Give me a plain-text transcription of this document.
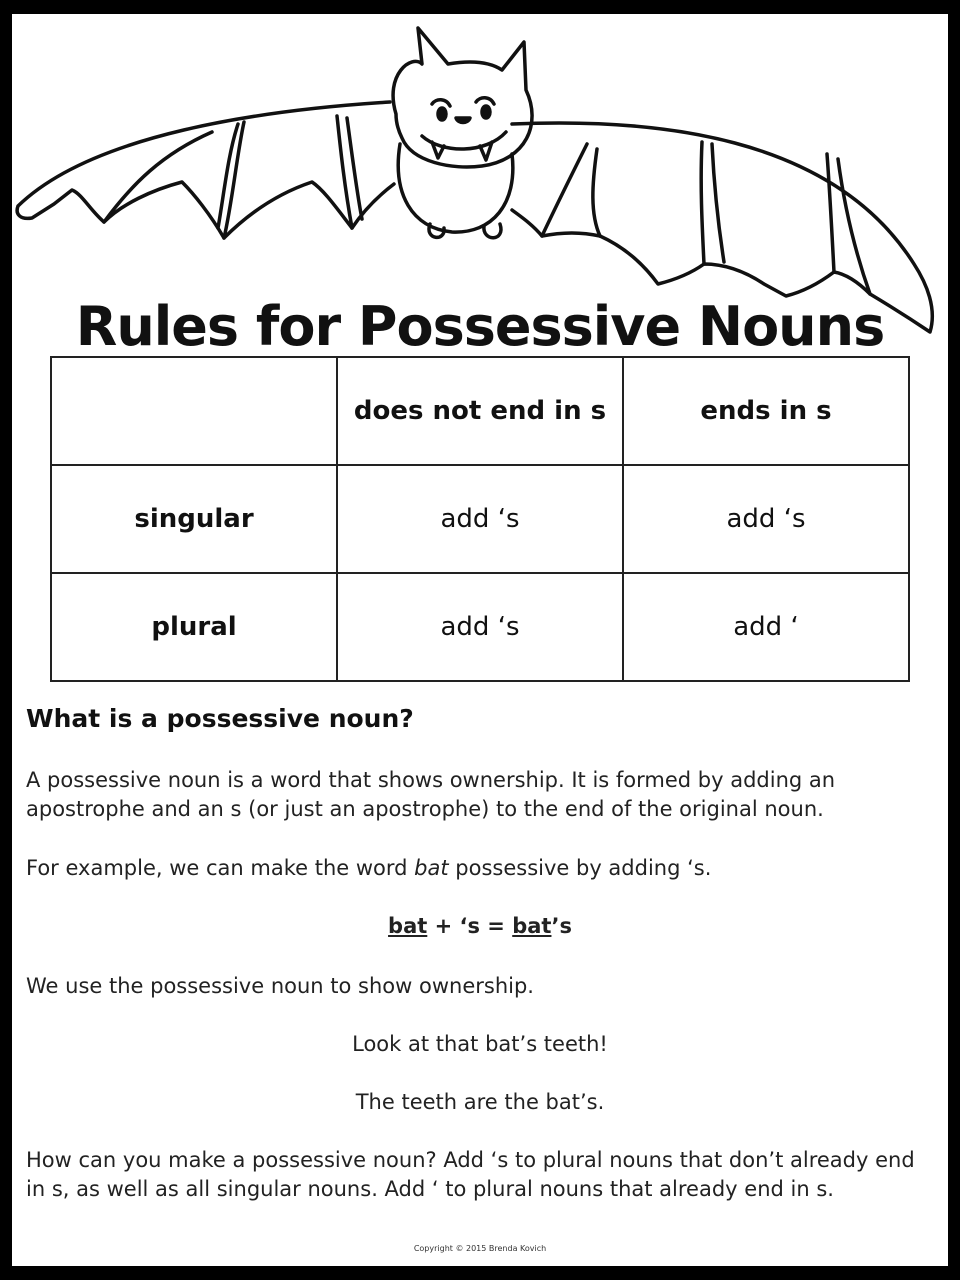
Rules for Possessive Nouns
	does not end in s	ends in s
singular	add ‘s	add ‘s
plural	add ‘s	add ‘
What is a possessive noun?

A possessive noun is a word that shows ownership. It is formed by adding an apostrophe and an s (or just an apostrophe) to the end of the original noun.

For example, we can make the word bat possessive by adding ‘s.

bat + ‘s = bat’s

We use the possessive noun to show ownership.

Look at that bat’s teeth!

The teeth are the bat’s.

How can you make a possessive noun? Add ‘s to plural nouns that don’t already end in s, as well as all singular nouns. Add ‘ to plural nouns that already end in s.

Copyright © 2015 Brenda Kovich
